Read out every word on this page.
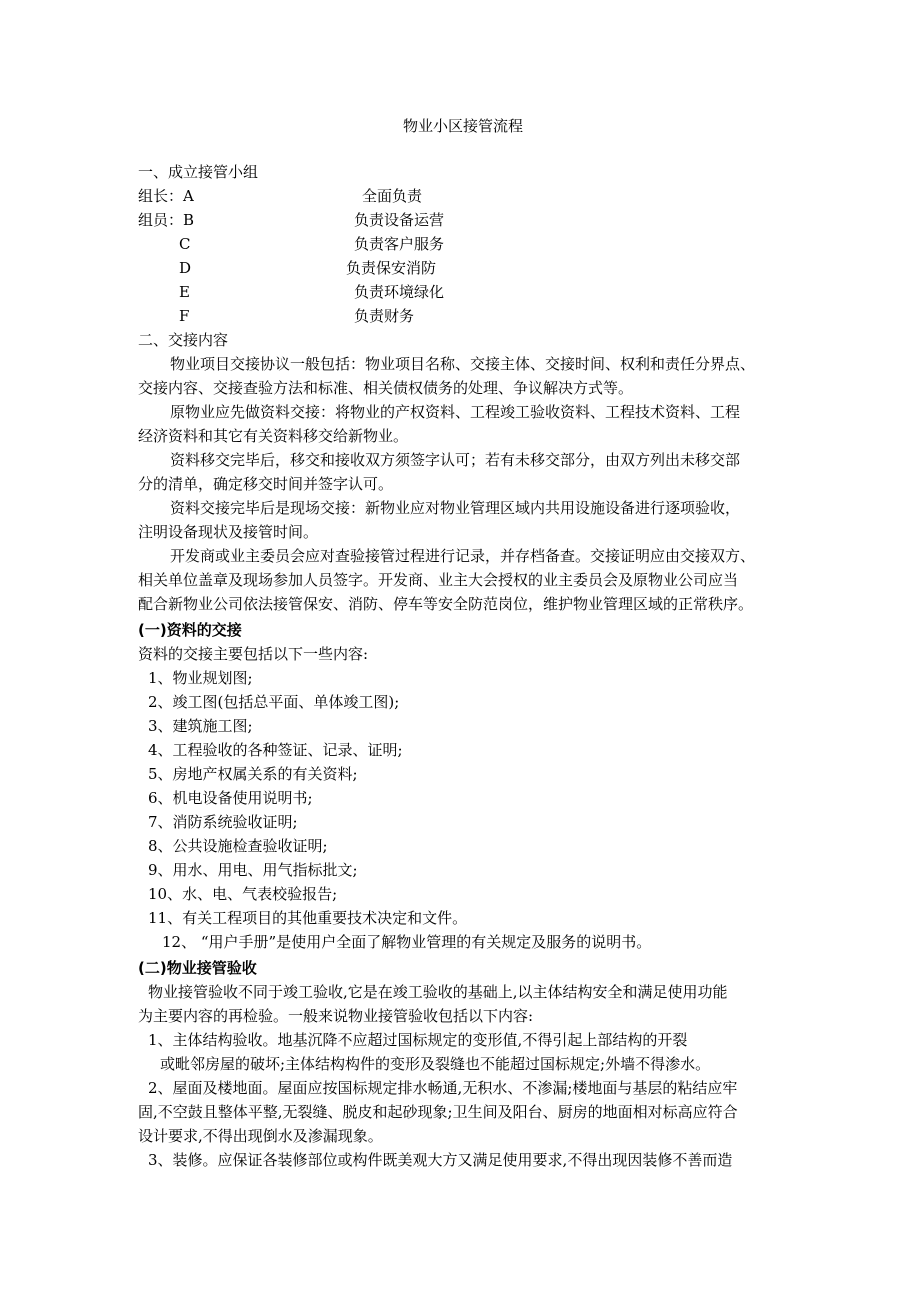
物业小区接管流程
一、成立接管小组
组长：A	全面负责
组员：B	负责设备运营
C	负责客户服务
D	负责保安消防
E	负责环境绿化
F	负责财务
二、交接内容
物业项目交接协议一般包括：物业项目名称、交接主体、交接时间、权利和责任分界点、
交接内容、交接查验方法和标准、相关债权债务的处理、争议解决方式等。
原物业应先做资料交接：将物业的产权资料、工程竣工验收资料、工程技术资料、工程
经济资料和其它有关资料移交给新物业。
资料移交完毕后，移交和接收双方须签字认可；若有未移交部分，由双方列出未移交部
分的清单，确定移交时间并签字认可。
资料交接完毕后是现场交接：新物业应对物业管理区域内共用设施设备进行逐项验收，
注明设备现状及接管时间。
开发商或业主委员会应对查验接管过程进行记录，并存档备查。交接证明应由交接双方、
相关单位盖章及现场参加人员签字。开发商、业主大会授权的业主委员会及原物业公司应当
配合新物业公司依法接管保安、消防、停车等安全防范岗位，维护物业管理区域的正常秩序。
(一)资料的交接
资料的交接主要包括以下一些内容:
1、物业规划图;
2、竣工图(包括总平面、单体竣工图);
3、建筑施工图;
4、工程验收的各种签证、记录、证明;
5、房地产权属关系的有关资料;
6、机电设备使用说明书;
7、消防系统验收证明;
8、公共设施检查验收证明;
9、用水、用电、用气指标批文;
10、水、电、气表校验报告;
11、有关工程项目的其他重要技术决定和文件。
12、 “用户手册”是使用户全面了解物业管理的有关规定及服务的说明书。
(二)物业接管验收
物业接管验收不同于竣工验收,它是在竣工验收的基础上,以主体结构安全和满足使用功能
为主要内容的再检验。一般来说物业接管验收包括以下内容:
1、主体结构验收。地基沉降不应超过国标规定的变形值,不得引起上部结构的开裂
或毗邻房屋的破坏;主体结构构件的变形及裂缝也不能超过国标规定;外墙不得渗水。
2、屋面及楼地面。屋面应按国标规定排水畅通,无积水、不渗漏;楼地面与基层的粘结应牢
固,不空鼓且整体平整,无裂缝、脱皮和起砂现象;卫生间及阳台、厨房的地面相对标高应符合
设计要求,不得出现倒水及渗漏现象。
3、装修。应保证各装修部位或构件既美观大方又满足使用要求,不得出现因装修不善而造
